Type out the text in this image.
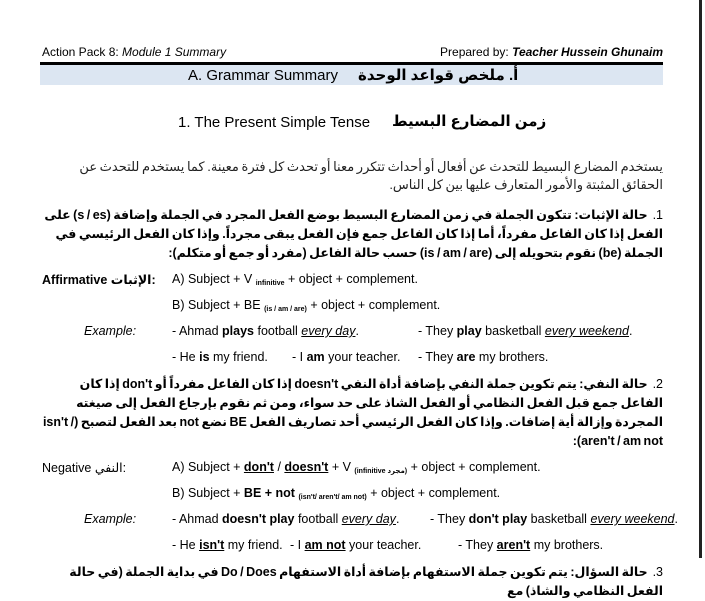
Action Pack 8: Module 1 Summary	Prepared by: Teacher Hussein Ghunaim
A. Grammar Summary أ. ملخص قواعد الوحدة
1. The Present Simple Tense زمن المضارع البسيط
يستخدم المضارع البسيط للتحدث عن أفعال أو أحداث تتكرر معنا أو تحدث كل فترة معينة. كما يستخدم للتحدث عن الحقائق المثبتة والأمور المتعارف عليها بين كل الناس.
1.  حالة الإثبات: تتكون الجملة في زمن المضارع البسيط بوضع الفعل المجرد في الجملة وإضافة (s / es) على الفعل إذا كان الفاعل مفرداً، أما إذا كان الفاعل جمع فإن الفعل يبقى مجرداً. وإذا كان الفعل الرئيسي في الجملة (be) نقوم بتحويله إلى (is / am / are) حسب حالة الفاعل (مفرد أو جمع أو متكلم):
Affirmative الإثبات: A) Subject + V $_{infinitive}$ + object + complement.
B) Subject + BE $_{(is / am / are)}$ + object + complement.
Example:	- Ahmad plays football every day.	- They play basketball every weekend.
- He is my friend. - I am your teacher. - They are my brothers.
2.  حالة النفي: يتم تكوين جملة النفي بإضافة أداة النفي doesn't إذا كان الفاعل مفرداً أو don't إذا كان الفاعل جمع قبل الفعل النظامي أو الفعل الشاذ على حد سواء، ومن ثم نقوم بإرجاع الفعل إلى صيغته المجردة وإزالة أية إضافات. وإذا كان الفعل الرئيسي أحد تصاريف الفعل BE نضع not بعد الفعل لتصبح (isn't / aren't / am not):
Negative النفي:	A) Subject + don't / doesn't + V $_{(infinitive مجرد)}$ + object + complement.
B) Subject + BE + not $_{(isn't/ aren't/ am not)}$ + object + complement.
Example:	- Ahmad doesn't play football every day. - They don't play basketball every weekend.
- He isn't my friend. - I am not your teacher.	- They aren't my brothers.
3.  حالة السؤال: يتم تكوين جملة الاستفهام بإضافة أداة الاستفهام Do / Does في بداية الجملة (في حالة الفعل النظامي والشاذ) مع
